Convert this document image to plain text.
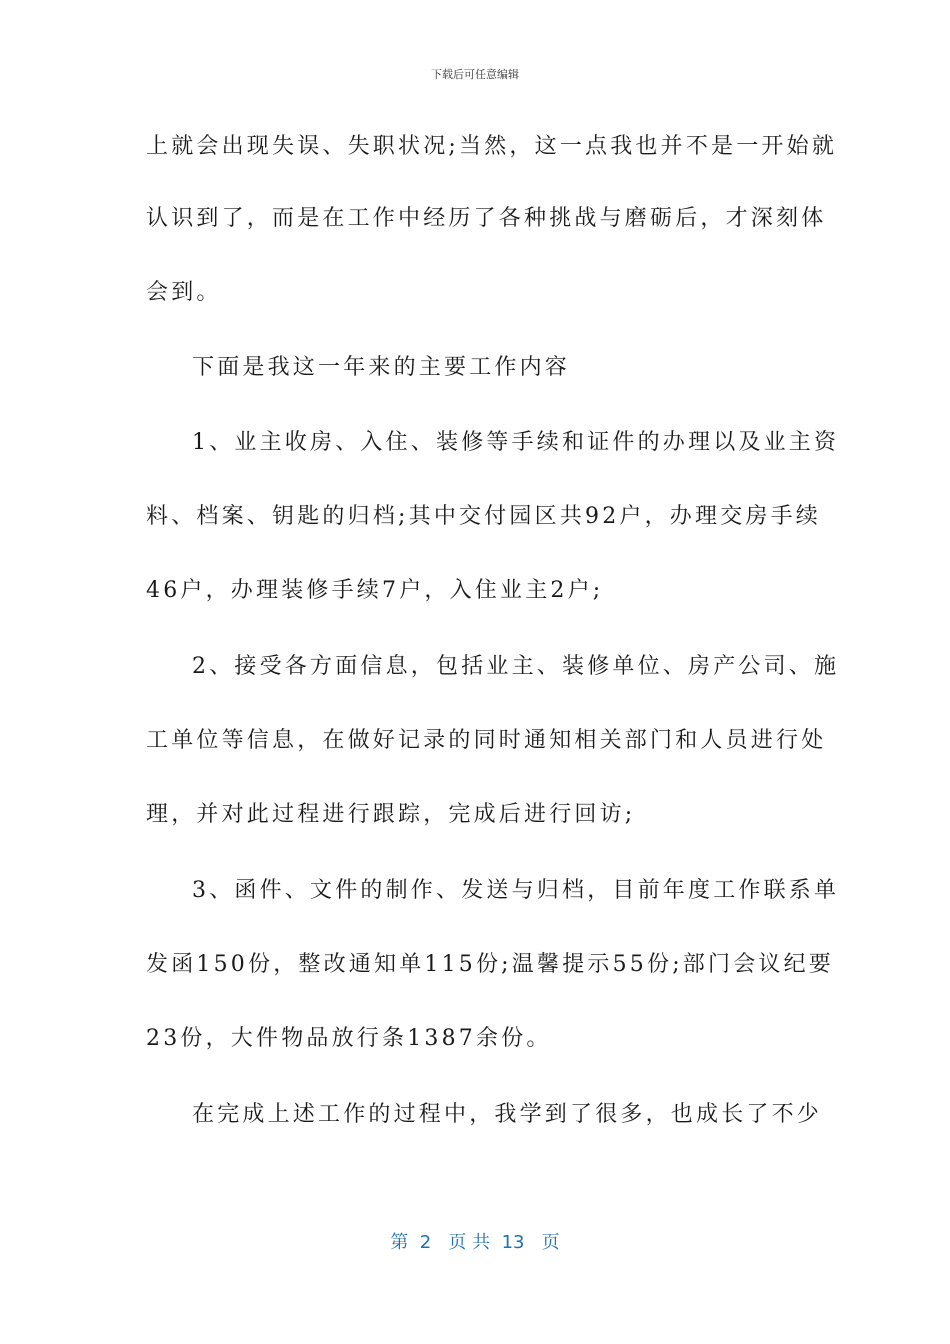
下载后可任意编辑
上就会出现失误、失职状况;当然，这一点我也并不是一开始就
认识到了，而是在工作中经历了各种挑战与磨砺后，才深刻体
会到。
下面是我这一年来的主要工作内容
1、业主收房、入住、装修等手续和证件的办理以及业主资
料、档案、钥匙的归档;其中交付园区共92户，办理交房手续
46户，办理装修手续7户，入住业主2户;
2、接受各方面信息，包括业主、装修单位、房产公司、施
工单位等信息，在做好记录的同时通知相关部门和人员进行处
理，并对此过程进行跟踪，完成后进行回访;
3、函件、文件的制作、发送与归档，目前年度工作联系单
发函150份，整改通知单115份;温馨提示55份;部门会议纪要
23份，大件物品放行条1387余份。
在完成上述工作的过程中，我学到了很多，也成长了不少
第  2   页 共  13   页
